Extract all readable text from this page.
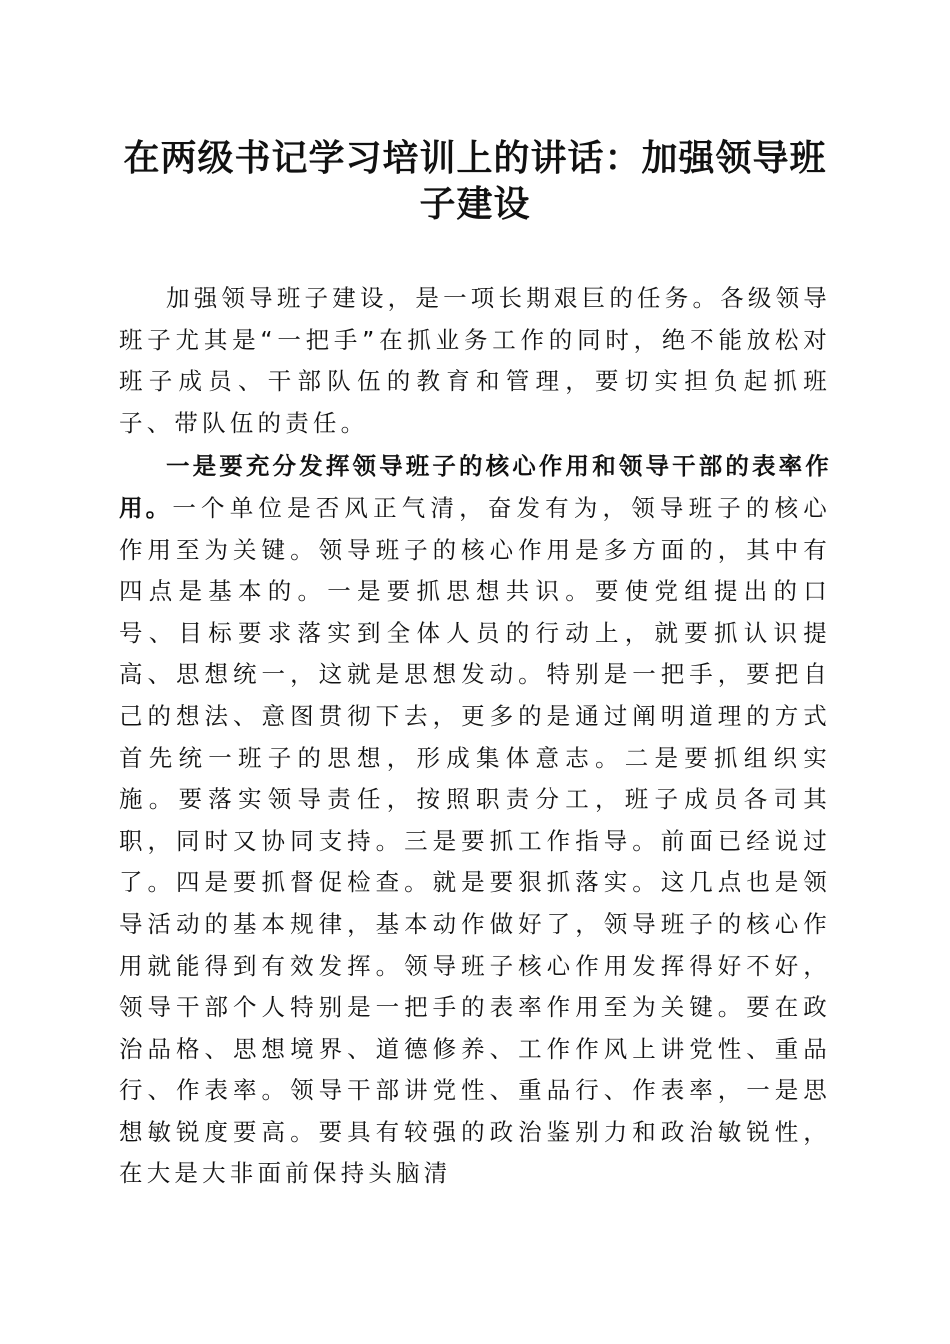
在两级书记学习培训上的讲话：加强领导班子建设

加强领导班子建设，是一项长期艰巨的任务。各级领导班子尤其是“一把手”在抓业务工作的同时，绝不能放松对班子成员、干部队伍的教育和管理，要切实担负起抓班子、带队伍的责任。

一是要充分发挥领导班子的核心作用和领导干部的表率作用。一个单位是否风正气清，奋发有为，领导班子的核心作用至为关键。领导班子的核心作用是多方面的，其中有四点是基本的。一是要抓思想共识。要使党组提出的口号、目标要求落实到全体人员的行动上，就要抓认识提高、思想统一，这就是思想发动。特别是一把手，要把自己的想法、意图贯彻下去，更多的是通过阐明道理的方式首先统一班子的思想，形成集体意志。二是要抓组织实施。要落实领导责任，按照职责分工，班子成员各司其职，同时又协同支持。三是要抓工作指导。前面已经说过了。四是要抓督促检查。就是要狠抓落实。这几点也是领导活动的基本规律，基本动作做好了，领导班子的核心作用就能得到有效发挥。领导班子核心作用发挥得好不好，领导干部个人特别是一把手的表率作用至为关键。要在政治品格、思想境界、道德修养、工作作风上讲党性、重品行、作表率。领导干部讲党性、重品行、作表率，一是思想敏锐度要高。要具有较强的政治鉴别力和政治敏锐性，在大是大非面前保持头脑清
